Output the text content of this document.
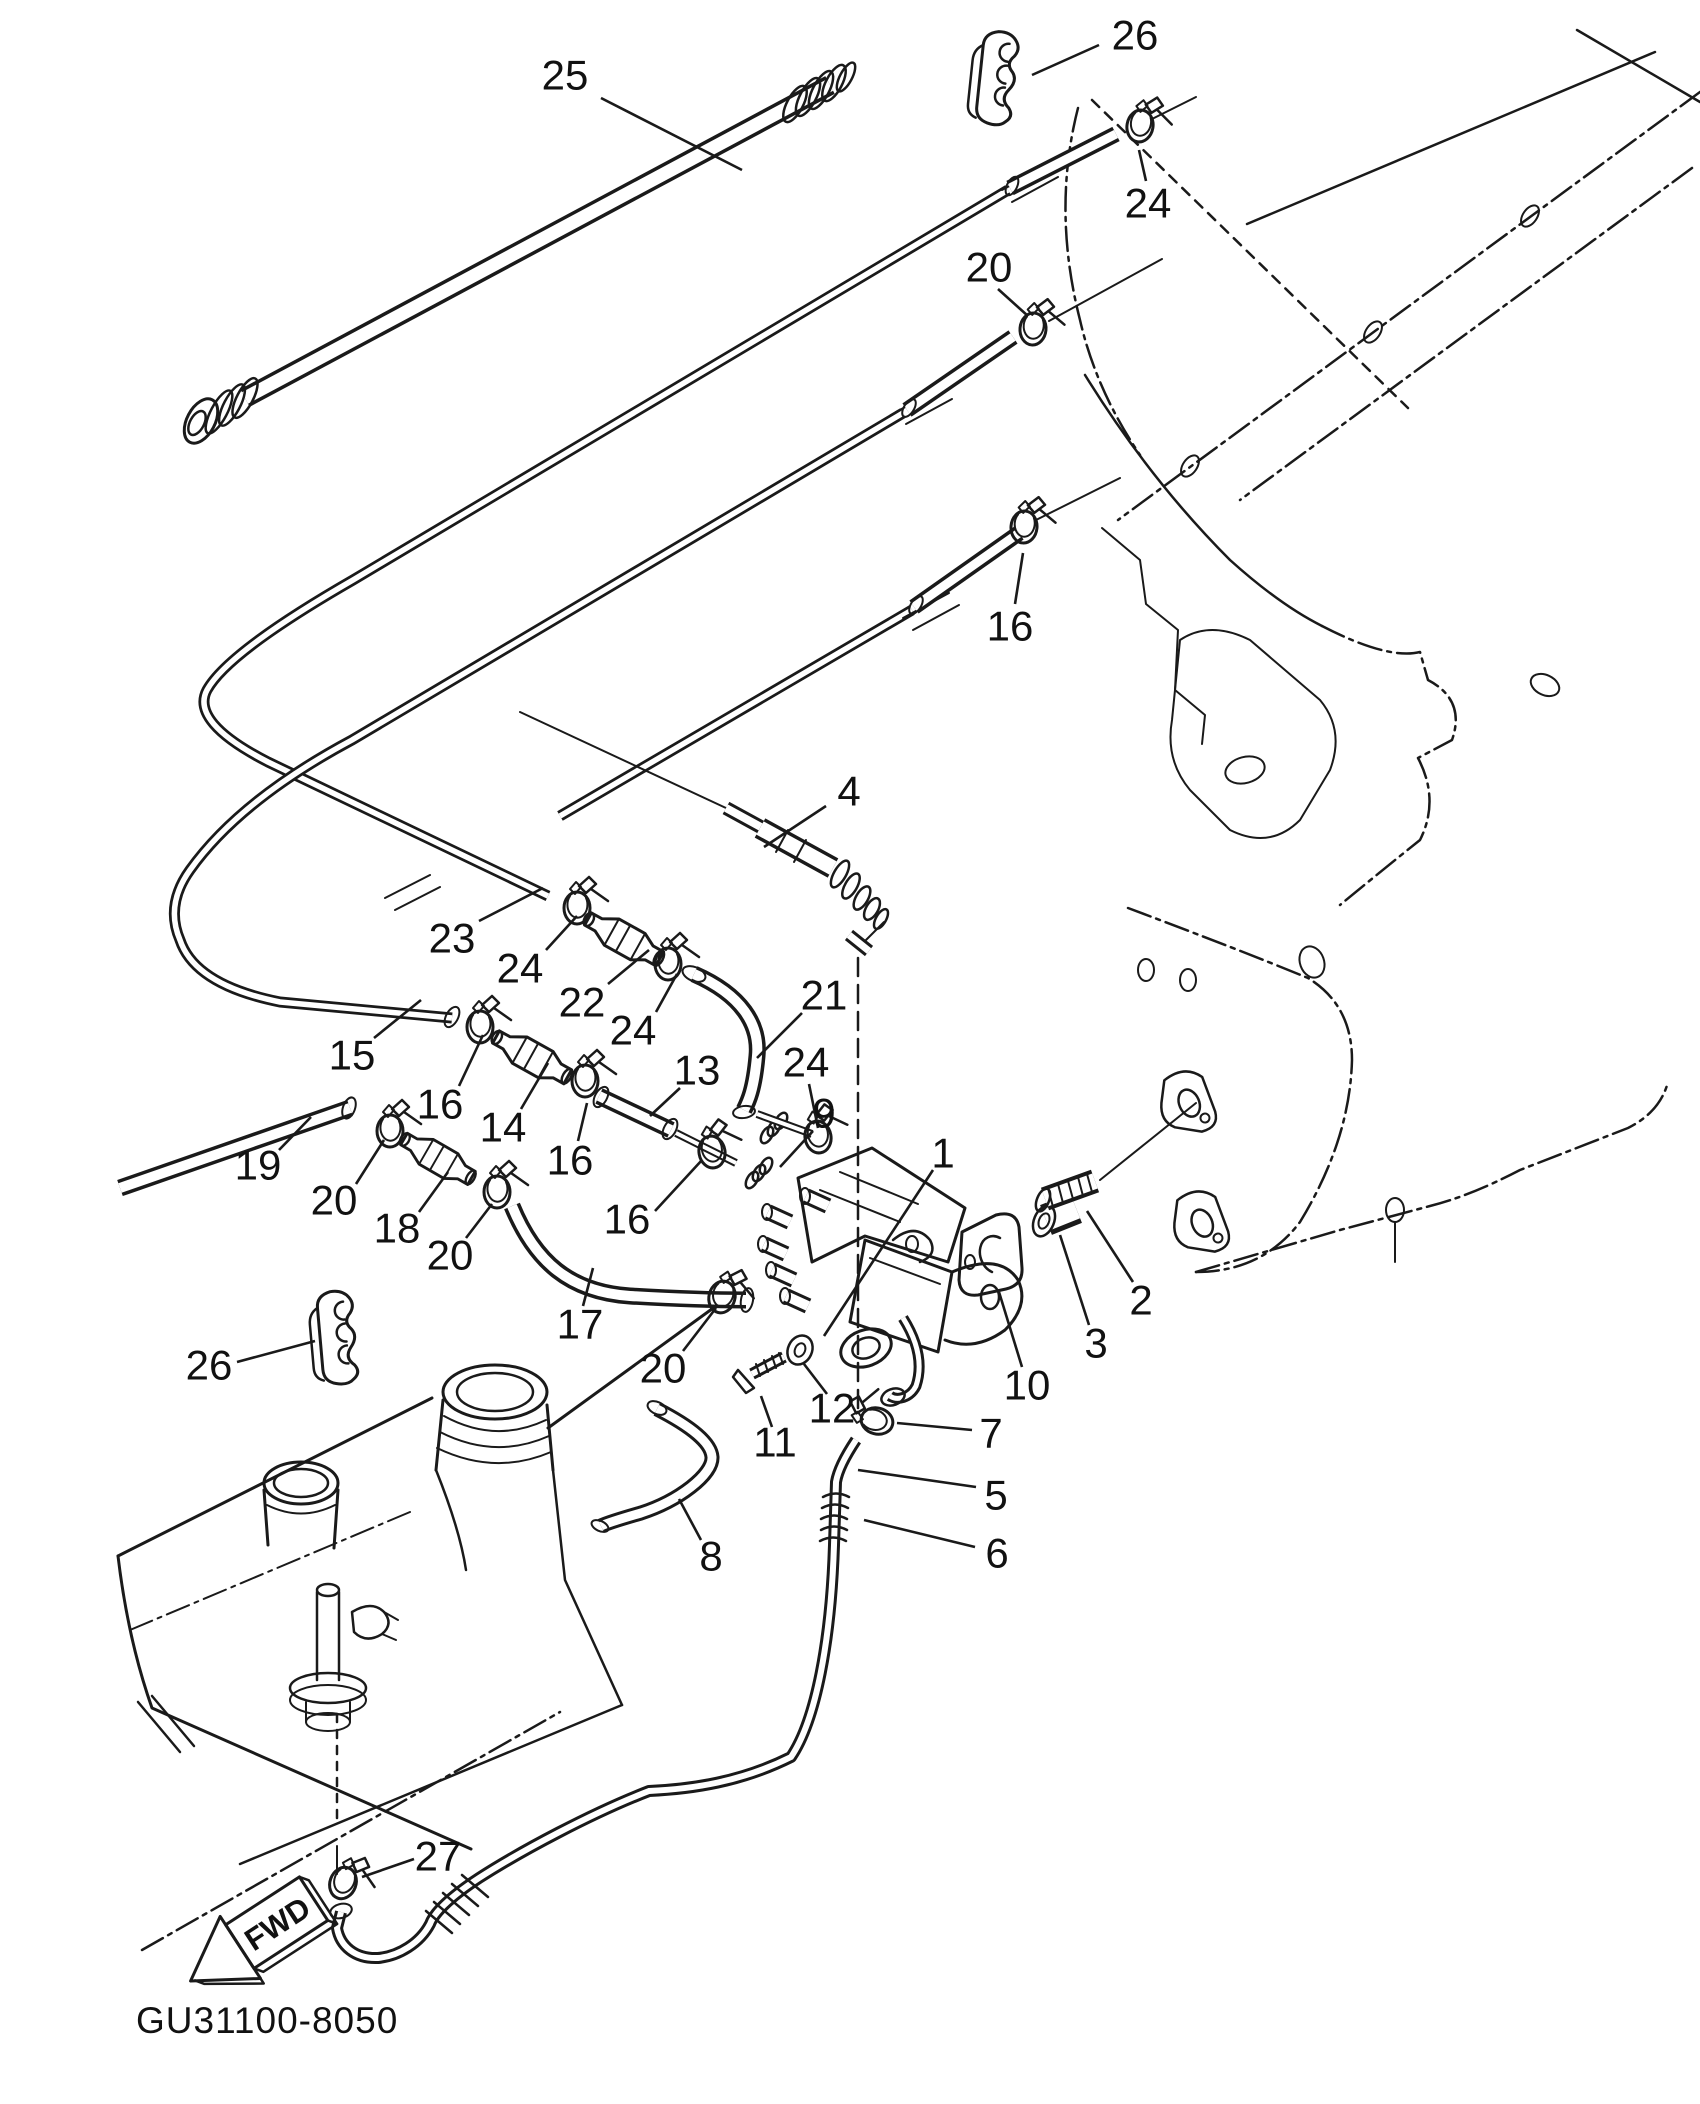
FWD
GU31100-8050
25
26
24
20
16
4
23
24
22
24
21
15
16 14
13 24
9
16
16
19
20
18
20
17
1
2
3
10
12
11	7
5
6
8
26	20
27
